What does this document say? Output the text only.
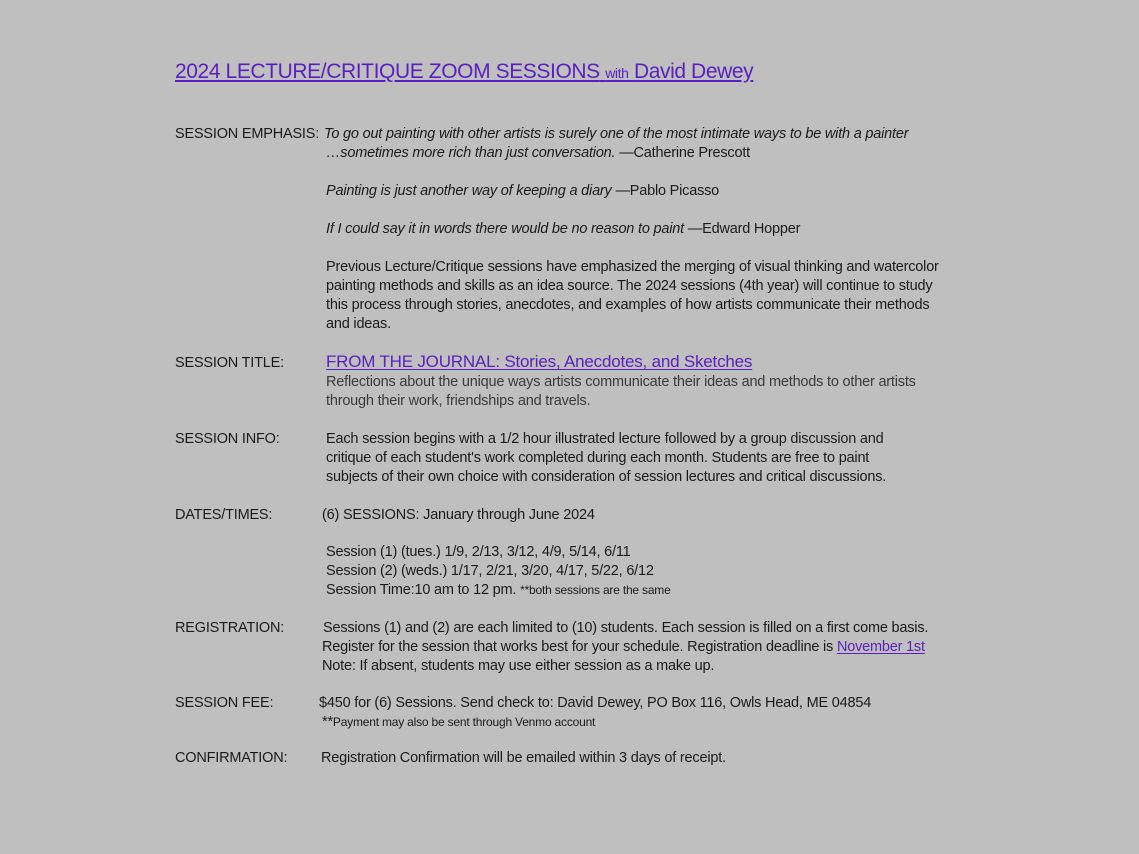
2024 LECTURE/CRITIQUE ZOOM SESSIONS with David Dewey
SESSION EMPHASIS: To go out painting with other artists is surely one of the most intimate ways to be with a painter
…sometimes more rich than just conversation. —Catherine Prescott
Painting is just another way of keeping a diary —Pablo Picasso
If I could say it in words there would be no reason to paint —Edward Hopper
Previous Lecture/Critique sessions have emphasized the merging of visual thinking and watercolor
painting methods and skills as an idea source. The 2024 sessions (4th year) will continue to study
this process through stories, anecdotes, and examples of how artists communicate their methods
and ideas.
SESSION TITLE: FROM THE JOURNAL: Stories, Anecdotes, and Sketches
Reflections about the unique ways artists communicate their ideas and methods to other artists
through their work, friendships and travels.
SESSION INFO:	Each session begins with a 1/2 hour illustrated lecture followed by a group discussion and
critique of each student's work completed during each month. Students are free to paint
subjects of their own choice with consideration of session lectures and critical discussions.
DATES/TIMES:	(6) SESSIONS: January through June 2024
Session (1) (tues.) 1/9, 2/13, 3/12, 4/9, 5/14, 6/11
Session (2) (weds.) 1/17, 2/21, 3/20, 4/17, 5/22, 6/12
Session Time:10 am to 12 pm. **both sessions are the same
REGISTRATION:	Sessions (1) and (2) are each limited to (10) students. Each session is filled on a first come basis.
Register for the session that works best for your schedule. Registration deadline is November 1st
Note: If absent, students may use either session as a make up.
SESSION FEE:	$450 for (6) Sessions. Send check to: David Dewey, PO Box 116, Owls Head, ME 04854
**Payment may also be sent through Venmo account
CONFIRMATION: Registration Confirmation will be emailed within 3 days of receipt.
